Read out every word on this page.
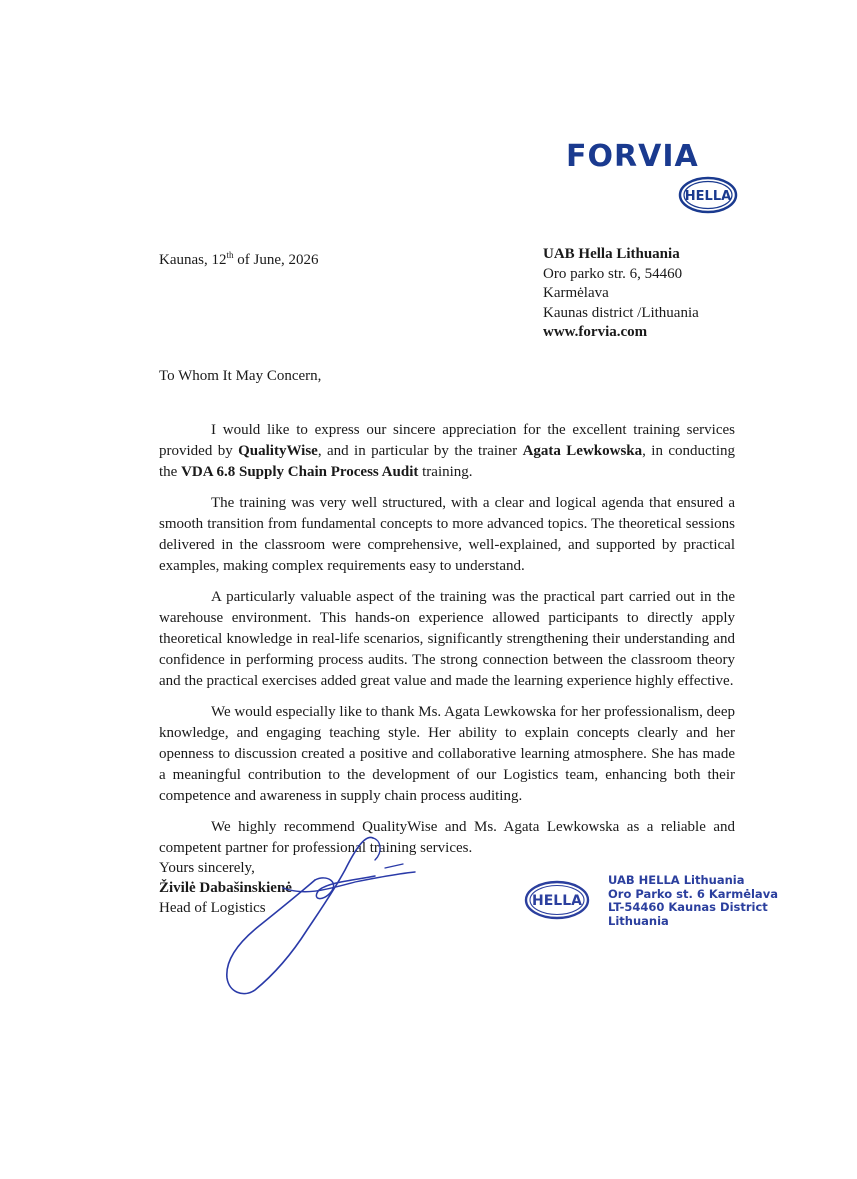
FORVIA
HELLA
Kaunas, 12th of June, 2026	UAB Hella Lithuania
Oro parko str. 6, 54460
Karmėlava
Kaunas district /Lithuania
www.forvia.com
To Whom It May Concern,

I would like to express our sincere appreciation for the excellent training services provided by QualityWise, and in particular by the trainer Agata Lewkowska, in conducting the VDA 6.8 Supply Chain Process Audit training.

The training was very well structured, with a clear and logical agenda that ensured a smooth transition from fundamental concepts to more advanced topics. The theoretical sessions delivered in the classroom were comprehensive, well-explained, and supported by practical examples, making complex requirements easy to understand.

A particularly valuable aspect of the training was the practical part carried out in the warehouse environment. This hands-on experience allowed participants to directly apply theoretical knowledge in real-life scenarios, significantly strengthening their understanding and confidence in performing process audits. The strong connection between the classroom theory and the practical exercises added great value and made the learning experience highly effective.

We would especially like to thank Ms. Agata Lewkowska for her professionalism, deep knowledge, and engaging teaching style. Her ability to explain concepts clearly and her openness to discussion created a positive and collaborative learning atmosphere. She has made a meaningful contribution to the development of our Logistics team, enhancing both their competence and awareness in supply chain process auditing.

We highly recommend QualityWise and Ms. Agata Lewkowska as a reliable and competent partner for professional training services.

Yours sincerely,
Živilė Dabašinskienė
Head of Logistics	HELLA
UAB HELLA Lithuania
Oro Parko st. 6 Karmėlava
LT-54460 Kaunas District
Lithuania
